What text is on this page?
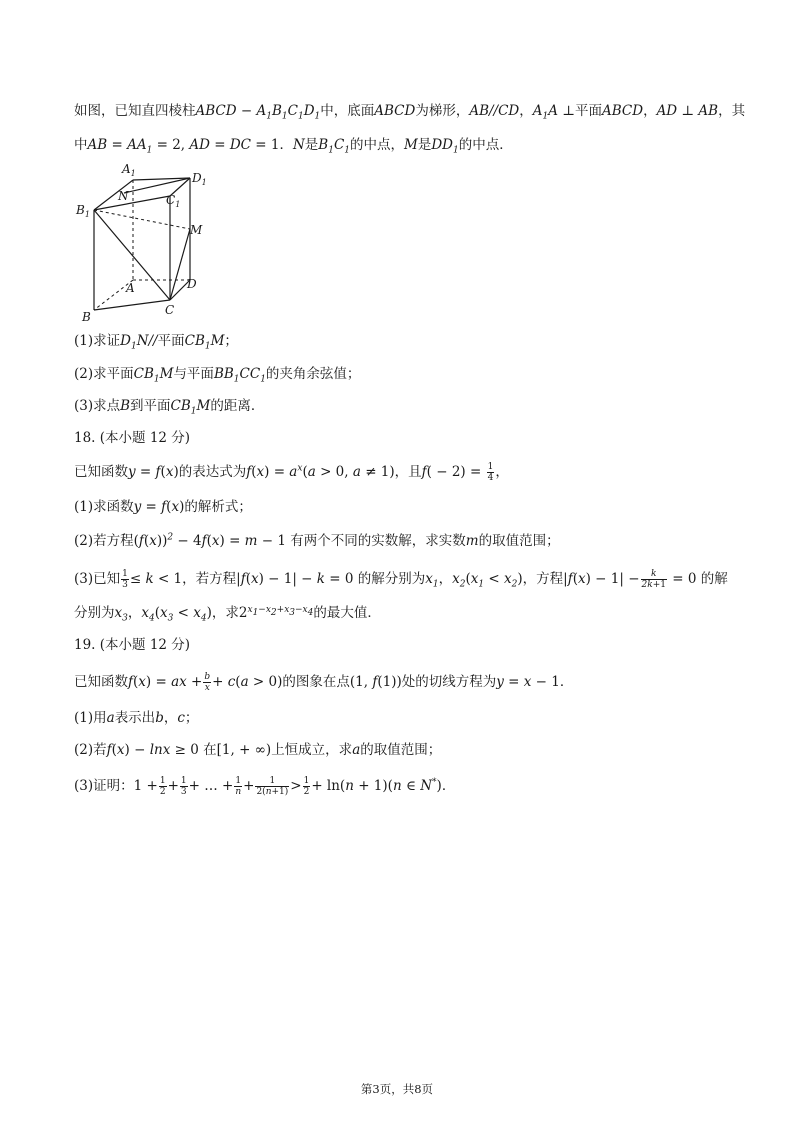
如图，已知直四棱柱ABCD − $A_1B_1C_1D_1$中，底面ABCD为梯形，AB//CD，$A_1A$ ⊥平面ABCD，AD ⊥ AB，其
中AB = $AA_1 = 2$, AD = DC = 1．N是$B_1C_1$的中点，M是$DD_1$的中点．
$A_1$	$D_1$
N	$C_1$
$B_1$
M
A	D
C
B
(1)求证$D_1N//$平面$CB_1M$；
(2)求平面$CB_1M$与平面$BB_1CC_1$的夹角余弦值；
(3)求点B到平面$CB_1M$的距离．
18. (本小题 12 分)
已知函数y = f(x)的表达式为$f(x) = a^x(a > 0$, a ≠ 1)，且$f( - 2) = \frac{1}{4}$ ，
(1)求函数y = f(x)的解析式；
(2)若方程$(f(x))^2 - 4f(x) = m - 1$ 有两个不同的实数解，求实数m的取值范围；
(3)已知 $\frac{1}{3} \le k < 1$，若方程|f(x) − 1| − k = 0 的解分别为$x_1$，$x_2(x_1 < x_2)$，方程$|f(x) - 1| - \frac{k}{2k+1} = 0$ 的解
分别为$x_3$，$x_4(x_3 < x_4)$，求$2^{x_1-x_2+x_3-x_4}$的最大值．
19. (本小题 12 分)
已知函数f(x) = ax + $\frac{b}{x} + c(a > 0)$的图象在点(1, f(1))处的切线方程为y = x − 1．
(1)用a表示出b，c；
(2)若f(x) − lnx ≥ 0 在[1, + ∞)上恒成立，求a的取值范围；
(3)证明：$1 + \frac{1}{2} + \frac{1}{3}$ + … + $\frac{1}{n} + \frac{1}{2(n+1)} > \frac{1}{2} + \ln(n + 1)(n$ ∈ N*)．
第3页，共8页
